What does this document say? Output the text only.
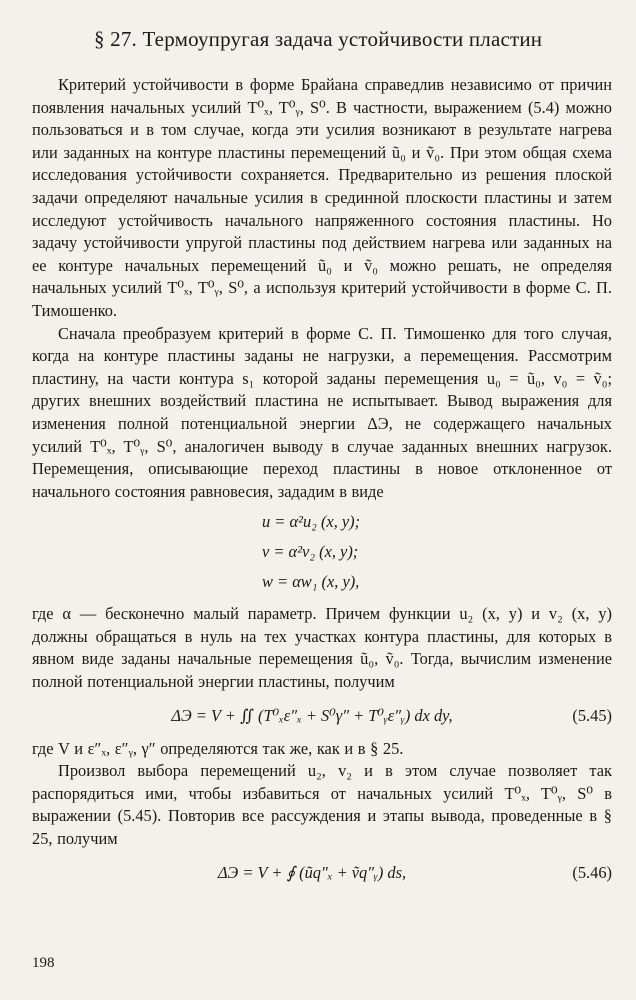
§ 27. Термоупругая задача устойчивости пластин

Критерий устойчивости в форме Брайана справедлив независимо от причин появления начальных усилий T⁰ₓ, T⁰ᵧ, S⁰. В частности, выражением (5.4) можно пользоваться и в том случае, когда эти усилия возникают в результате нагрева или заданных на контуре пластины перемещений ũ₀ и ṽ₀. При этом общая схема исследования устойчивости сохраняется. Предварительно из решения плоской задачи определяют начальные усилия в срединной плоскости пластины и затем исследуют устойчивость начального напряженного состояния пластины. Но задачу устойчивости упругой пластины под действием нагрева или заданных на ее контуре начальных перемещений ũ₀ и ṽ₀ можно решать, не определяя начальных усилий T⁰ₓ, T⁰ᵧ, S⁰, а используя критерий устойчивости в форме С. П. Тимошенко.

Сначала преобразуем критерий в форме С. П. Тимошенко для того случая, когда на контуре пластины заданы не нагрузки, а перемещения. Рассмотрим пластину, на части контура s₁ которой заданы перемещения u₀ = ũ₀, v₀ = ṽ₀; других внешних воздействий пластина не испытывает. Вывод выражения для изменения полной потенциальной энергии ΔЭ, не содержащего начальных усилий T⁰ₓ, T⁰ᵧ, S⁰, аналогичен выводу в случае заданных внешних нагрузок. Перемещения, описывающие переход пластины в новое отклоненное от начального состояния равновесия, зададим в виде

u = α²u₂ (x, y);
v = α²v₂ (x, y);
w = αw₁ (x, y),

где α — бесконечно малый параметр. Причем функции u₂ (x, y) и v₂ (x, y) должны обращаться в нуль на тех участках контура пластины, для которых в явном виде заданы начальные перемещения ũ₀, ṽ₀. Тогда, вычислим изменение полной потенциальной энергии пластины, получим

ΔЭ = V + ∬ (T⁰ₓε″ₓ + S⁰γ″ + T⁰ᵧε″ᵧ) dx dy,	(5.45)

где V и ε″ₓ, ε″ᵧ, γ″ определяются так же, как и в § 25.

Произвол выбора перемещений u₂, v₂ и в этом случае позволяет так распорядиться ими, чтобы избавиться от начальных усилий T⁰ₓ, T⁰ᵧ, S⁰ в выражении (5.45). Повторив все рассуждения и этапы вывода, проведенные в § 25, получим

ΔЭ = V + ∮ (ũq″ₓ + ṽq″ᵧ) ds,	(5.46)
198
